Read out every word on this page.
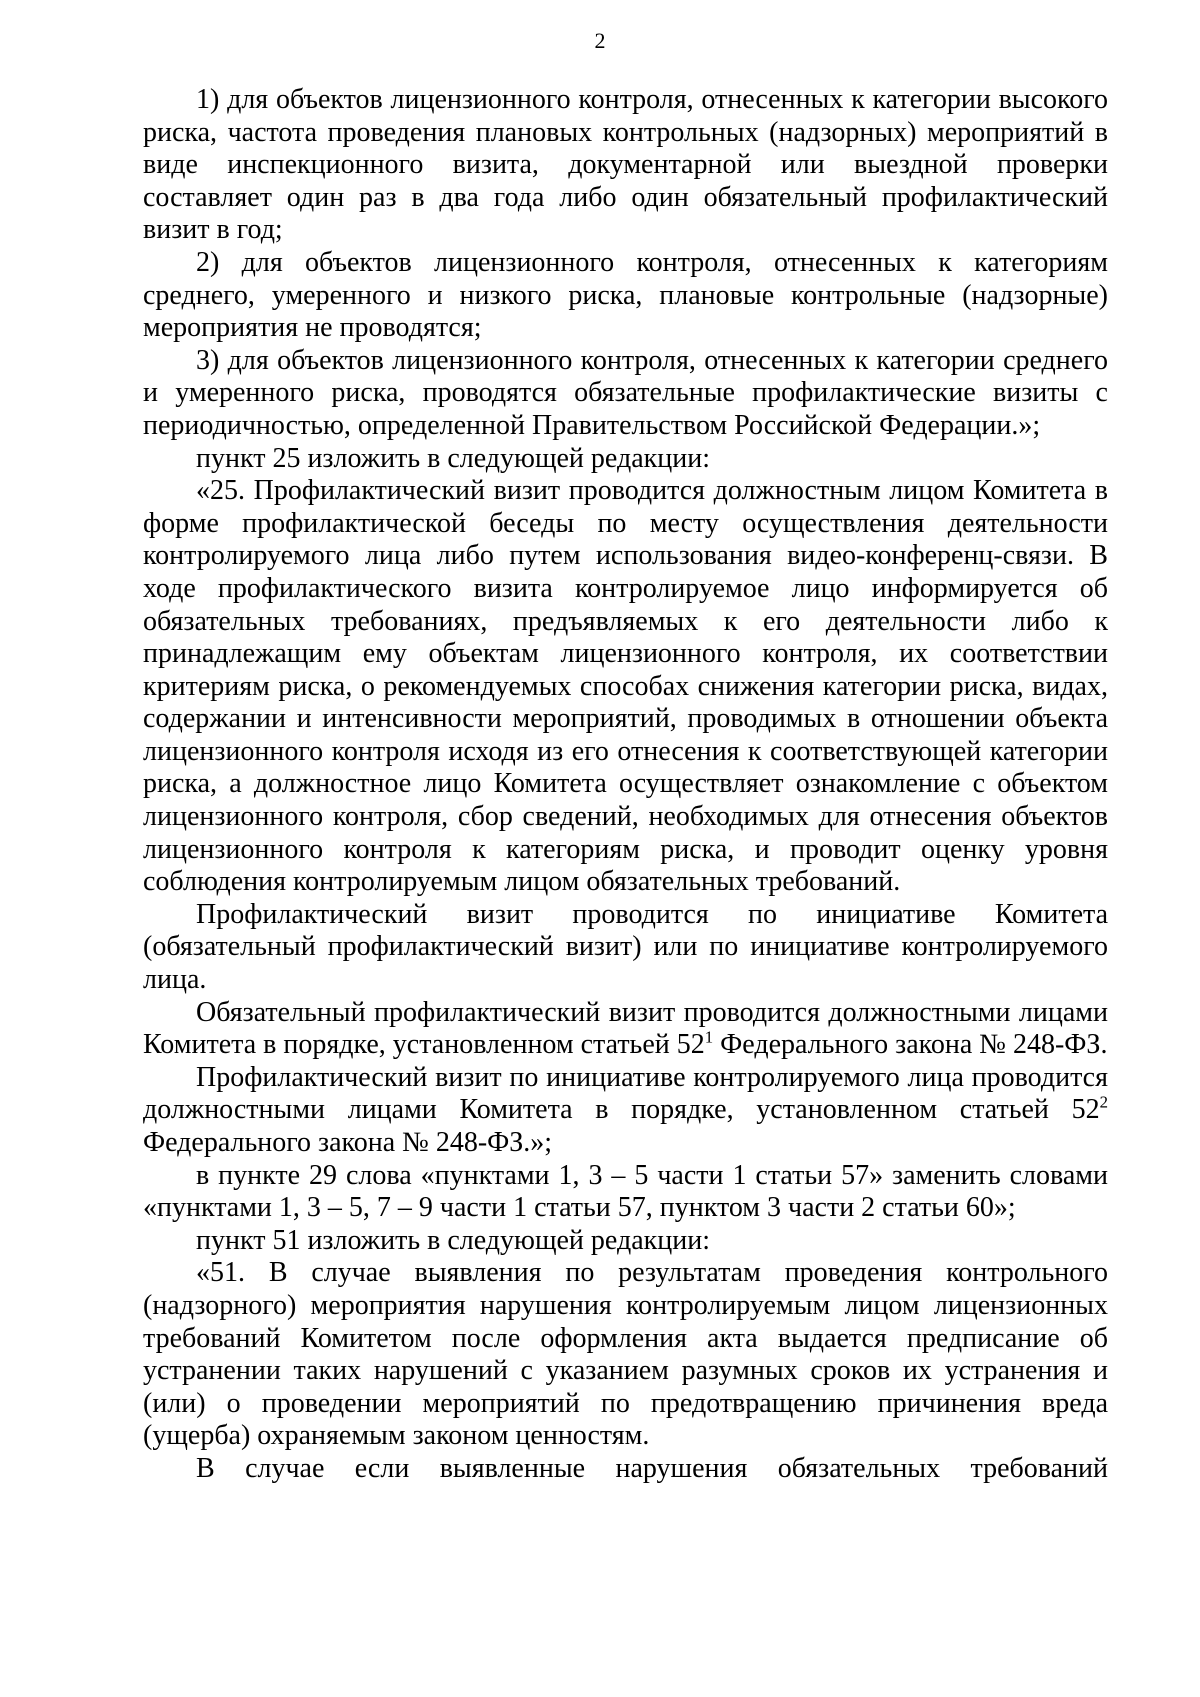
2

1) для объектов лицензионного контроля, отнесенных к категории высокого риска, частота проведения плановых контрольных (надзорных) мероприятий в виде инспекционного визита, документарной или выездной проверки составляет один раз в два года либо один обязательный профилактический визит в год;

2) для объектов лицензионного контроля, отнесенных к категориям среднего, умеренного и низкого риска, плановые контрольные (надзорные) мероприятия не проводятся;

3) для объектов лицензионного контроля, отнесенных к категории среднего и умеренного риска, проводятся обязательные профилактические визиты с периодичностью, определенной Правительством Российской Федерации.»;

пункт 25 изложить в следующей редакции:

«25. Профилактический визит проводится должностным лицом Комитета в форме профилактической беседы по месту осуществления деятельности контролируемого лица либо путем использования видео-конференц-связи. В ходе профилактического визита контролируемое лицо информируется об обязательных требованиях, предъявляемых к его деятельности либо к принадлежащим ему объектам лицензионного контроля, их соответствии критериям риска, о рекомендуемых способах снижения категории риска, видах, содержании и интенсивности мероприятий, проводимых в отношении объекта лицензионного контроля исходя из его отнесения к соответствующей категории риска, а должностное лицо Комитета осуществляет ознакомление с объектом лицензионного контроля, сбор сведений, необходимых для отнесения объектов лицензионного контроля к категориям риска, и проводит оценку уровня соблюдения контролируемым лицом обязательных требований.

Профилактический визит проводится по инициативе Комитета (обязательный профилактический визит) или по инициативе контролируемого лица.

Обязательный профилактический визит проводится должностными лицами Комитета в порядке, установленном статьей $52^1$ Федерального закона № 248-ФЗ.

Профилактический визит по инициативе контролируемого лица проводится должностными лицами Комитета в порядке, установленном статьей $52^2$ Федерального закона № 248-ФЗ.»;

в пункте 29 слова «пунктами 1, 3 – 5 части 1 статьи 57» заменить словами «пунктами 1, 3 – 5, 7 – 9 части 1 статьи 57, пунктом 3 части 2 статьи 60»;

пункт 51 изложить в следующей редакции:

«51. В случае выявления по результатам проведения контрольного (надзорного) мероприятия нарушения контролируемым лицом лицензионных требований Комитетом после оформления акта выдается предписание об устранении таких нарушений с указанием разумных сроков их устранения и (или) о проведении мероприятий по предотвращению причинения вреда (ущерба) охраняемым законом ценностям.

В случае если выявленные нарушения обязательных требований
